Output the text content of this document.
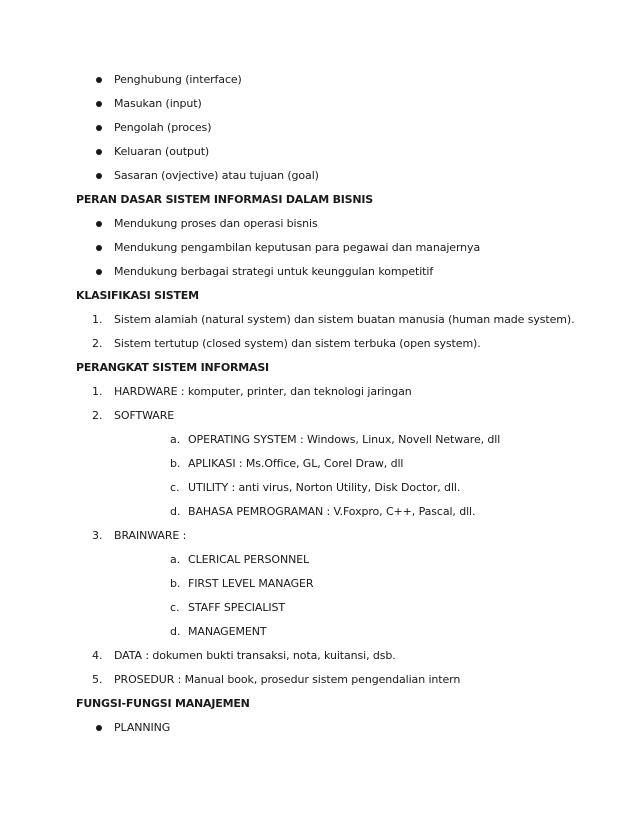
Penghubung (interface)
Masukan (input)
Pengolah (proces)
Keluaran (output)
Sasaran (ovjective) atau tujuan (goal)
PERAN DASAR SISTEM INFORMASI DALAM BISNIS
Mendukung proses dan operasi bisnis
Mendukung pengambilan keputusan para pegawai dan manajernya
Mendukung berbagai strategi untuk keunggulan kompetitif
KLASIFIKASI SISTEM
1. Sistem alamiah (natural system) dan sistem buatan manusia (human made system).
2. Sistem tertutup (closed system) dan sistem terbuka (open system).
PERANGKAT SISTEM INFORMASI
1. HARDWARE : komputer, printer, dan teknologi jaringan
2. SOFTWARE
a. OPERATING SYSTEM : Windows, Linux, Novell Netware, dll
b. APLIKASI : Ms.Office, GL, Corel Draw, dll
c. UTILITY : anti virus, Norton Utility, Disk Doctor, dll.
d. BAHASA PEMROGRAMAN : V.Foxpro, C++, Pascal, dll.
3. BRAINWARE :
a. CLERICAL PERSONNEL
b. FIRST LEVEL MANAGER
c. STAFF SPECIALIST
d. MANAGEMENT
4. DATA : dokumen bukti transaksi, nota, kuitansi, dsb.
5. PROSEDUR : Manual book, prosedur sistem pengendalian intern
FUNGSI-FUNGSI MANAJEMEN
PLANNING
